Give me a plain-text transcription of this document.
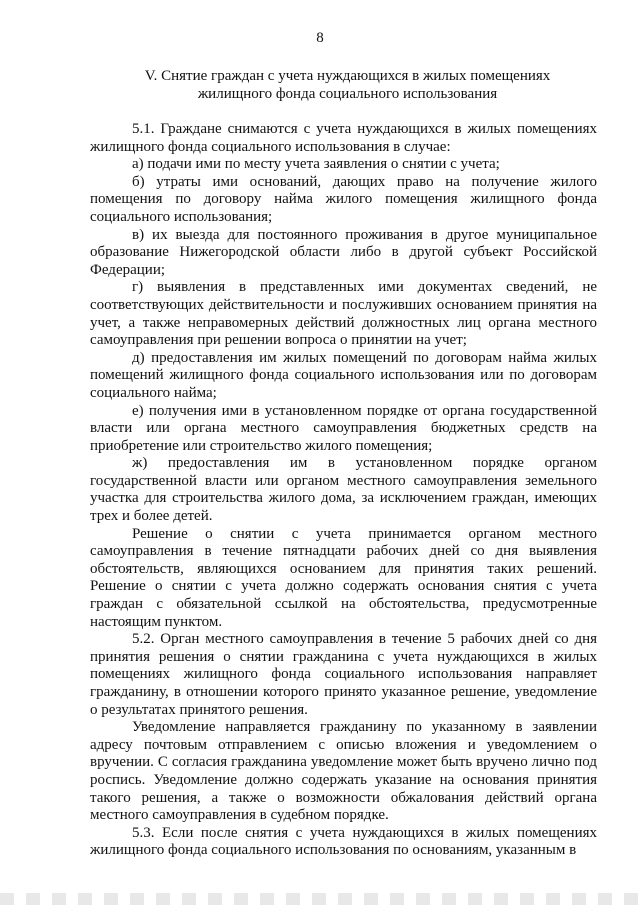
8
V. Снятие граждан с учета нуждающихся в жилых помещениях
жилищного фонда социального использования

5.1. Граждане снимаются с учета нуждающихся в жилых помещениях жилищного фонда социального использования в случае:

а) подачи ими по месту учета заявления о снятии с учета;

б) утраты ими оснований, дающих право на получение жилого помещения по договору найма жилого помещения жилищного фонда социального использования;

в) их выезда для постоянного проживания в другое муниципальное образование Нижегородской области либо в другой субъект Российской Федерации;

г) выявления в представленных ими документах сведений, не соответствующих действительности и послуживших основанием принятия на учет, а также неправомерных действий должностных лиц органа местного самоуправления при решении вопроса о принятии на учет;

д) предоставления им жилых помещений по договорам найма жилых помещений жилищного фонда социального использования или по договорам социального найма;

е) получения ими в установленном порядке от органа государственной власти или органа местного самоуправления бюджетных средств на приобретение или строительство жилого помещения;

ж) предоставления им в установленном порядке органом государственной власти или органом местного самоуправления земельного участка для строительства жилого дома, за исключением граждан, имеющих трех и более детей.

Решение о снятии с учета принимается органом местного самоуправления в течение пятнадцати рабочих дней со дня выявления обстоятельств, являющихся основанием для принятия таких решений. Решение о снятии с учета должно содержать основания снятия с учета граждан с обязательной ссылкой на обстоятельства, предусмотренные настоящим пунктом.

5.2. Орган местного самоуправления в течение 5 рабочих дней со дня принятия решения о снятии гражданина с учета нуждающихся в жилых помещениях жилищного фонда социального использования направляет гражданину, в отношении которого принято указанное решение, уведомление о результатах принятого решения.

Уведомление направляется гражданину по указанному в заявлении адресу почтовым отправлением с описью вложения и уведомлением о вручении. С согласия гражданина уведомление может быть вручено лично под роспись. Уведомление должно содержать указание на основания принятия такого решения, а также о возможности обжалования действий органа местного самоуправления в судебном порядке.

5.3. Если после снятия с учета нуждающихся в жилых помещениях жилищного фонда социального использования по основаниям, указанным в
